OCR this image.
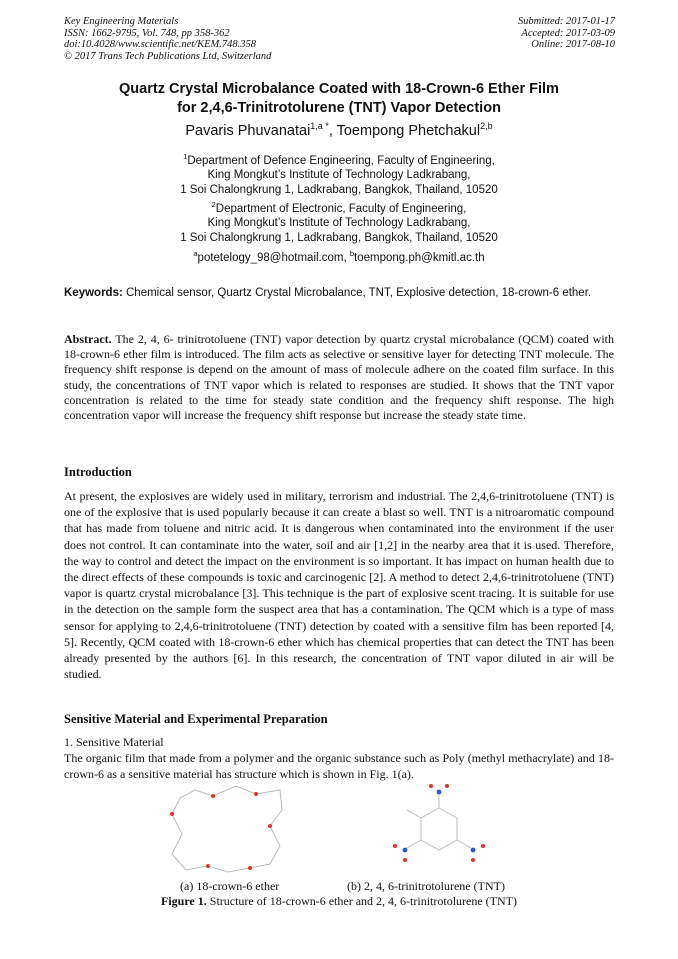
Key Engineering Materials
ISSN: 1662-9795, Vol. 748, pp 358-362
doi:10.4028/www.scientific.net/KEM.748.358
© 2017 Trans Tech Publications Ltd, Switzerland
Submitted: 2017-01-17
Accepted: 2017-03-09
Online: 2017-08-10
Quartz Crystal Microbalance Coated with 18-Crown-6 Ether Film
for 2,4,6-Trinitrotolurene (TNT) Vapor Detection
Pavaris Phuvanatai$^{1,a *}$, Toempong Phetchakul$^{2,b}$
$^1$Department of Defence Engineering, Faculty of Engineering,
King Mongkut’s Institute of Technology Ladkrabang,
1 Soi Chalongkrung 1, Ladkrabang, Bangkok, Thailand, 10520
$^2$Department of Electronic, Faculty of Engineering,
King Mongkut’s Institute of Technology Ladkrabang,
1 Soi Chalongkrung 1, Ladkrabang, Bangkok, Thailand, 10520
$^a$potetelogy_98@hotmail.com, $^b$toempong.ph@kmitl.ac.th
Keywords: Chemical sensor, Quartz Crystal Microbalance, TNT, Explosive detection, 18-crown-6 ether.
Abstract. The 2, 4, 6- trinitrotoluene (TNT) vapor detection by quartz crystal microbalance (QCM) coated with 18-crown-6 ether film is introduced. The film acts as selective or sensitive layer for detecting TNT molecule. The frequency shift response is depend on the amount of mass of molecule adhere on the coated film surface. In this study, the concentrations of TNT vapor which is related to responses are studied. It shows that the TNT vapor concentration is related to the time for steady state condition and the frequency shift response. The high concentration vapor will increase the frequency shift response but increase the steady state time.
Introduction
At present, the explosives are widely used in military, terrorism and industrial. The 2,4,6-trinitrotoluene (TNT) is one of the explosive that is used popularly because it can create a blast so well. TNT is a nitroaromatic compound that has made from toluene and nitric acid. It is dangerous when contaminated into the environment if the user does not control. It can contaminate into the water, soil and air [1,2] in the nearby area that it is used. Therefore, the way to control and detect the impact on the environment is so important. It has impact on human health due to the direct effects of these compounds is toxic and carcinogenic [2]. A method to detect 2,4,6-trinitrotoluene (TNT) vapor is quartz crystal microbalance [3]. This technique is the part of explosive scent tracing. It is suitable for use in the detection on the sample form the suspect area that has a contamination. The QCM which is a type of mass sensor for applying to 2,4,6-trinitrotoluene (TNT) detection by coated with a sensitive film has been reported [4, 5]. Recently, QCM coated with 18-crown-6 ether which has chemical properties that can detect the TNT has been already presented by the authors [6]. In this research, the concentration of TNT vapor diluted in air will be studied.
Sensitive Material and Experimental Preparation
1. Sensitive Material
The organic film that made from a polymer and the organic substance such as Poly (methyl methacrylate) and 18-crown-6 as a sensitive material has structure which is shown in Fig. 1(a).
(a) 18-crown-6 ether	(b) 2, 4, 6-trinitrotolurene (TNT)
Figure 1. Structure of 18-crown-6 ether and 2, 4, 6-trinitrotolurene (TNT)
